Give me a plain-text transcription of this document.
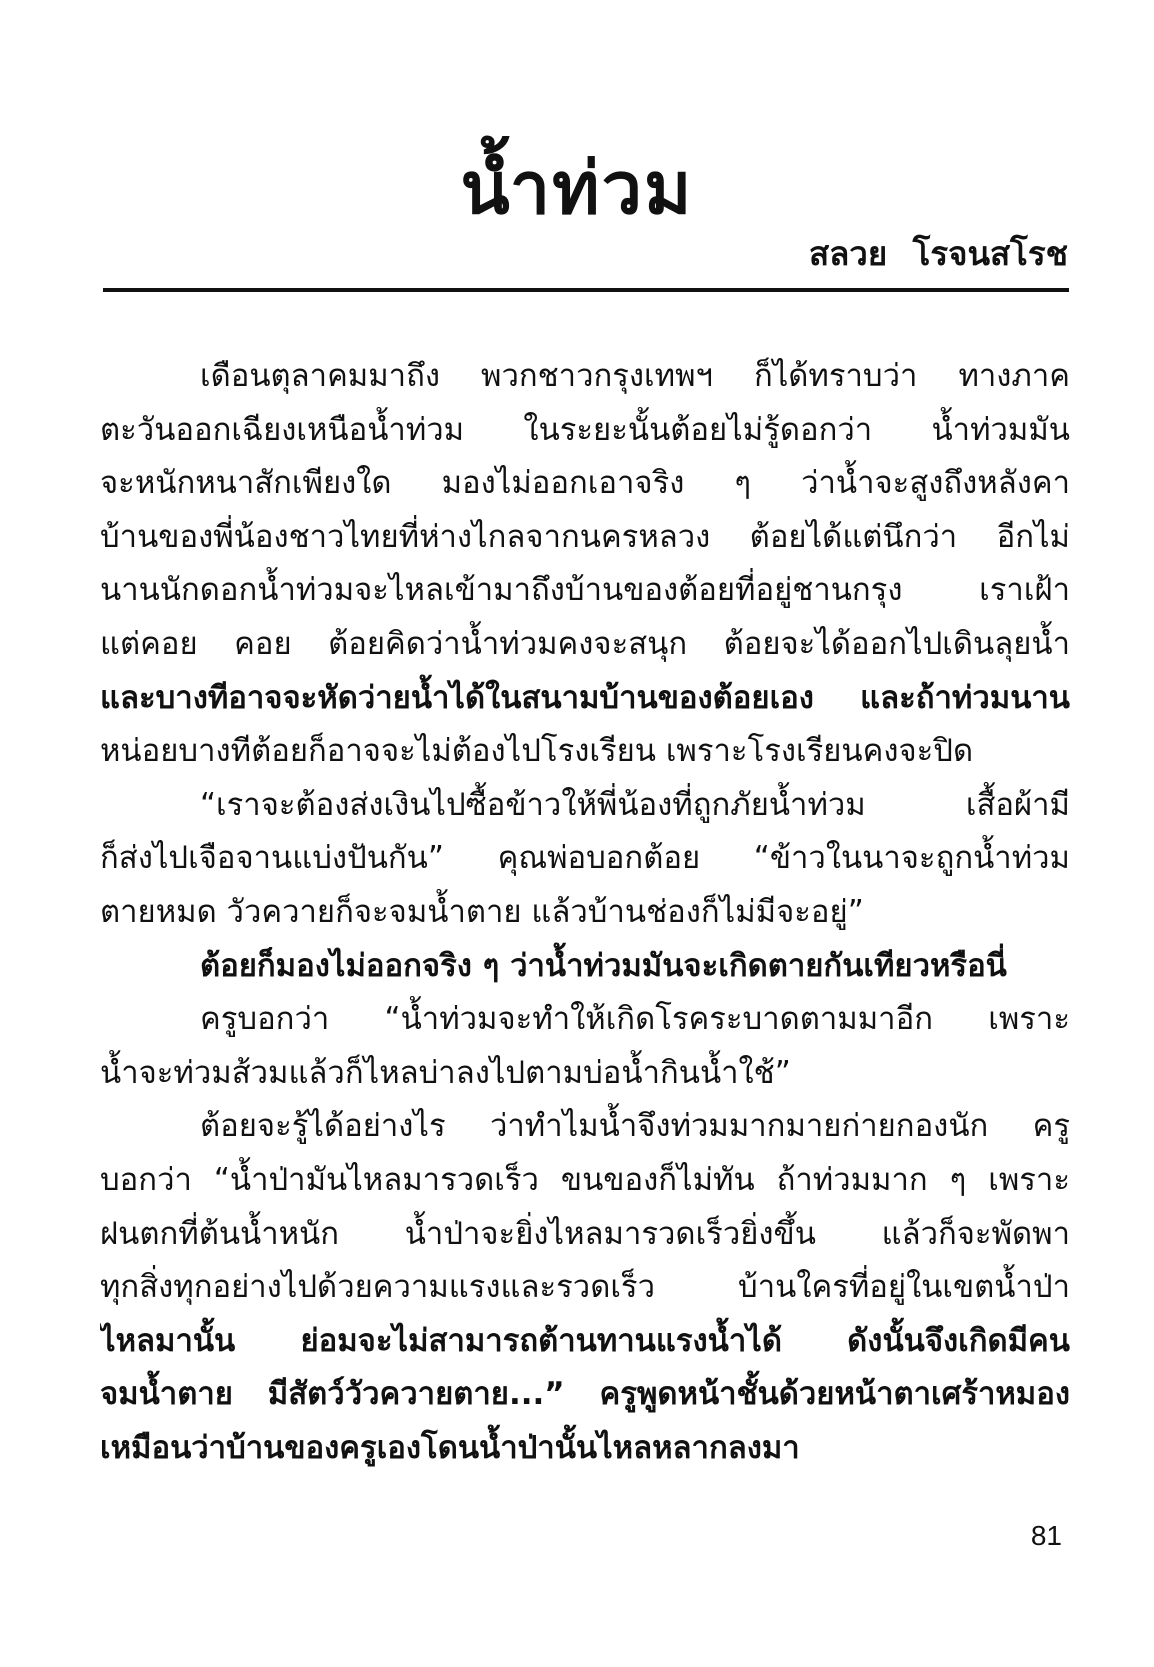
น้ำท่วม
สลวย โรจนสโรช
เดือนตุลาคมมาถึง พวกชาวกรุงเทพฯ ก็ได้ทราบว่า ทางภาค
ตะวันออกเฉียงเหนือน้ำท่วม ในระยะนั้นต้อยไม่รู้ดอกว่า น้ำท่วมมัน
จะหนักหนาสักเพียงใด มองไม่ออกเอาจริง ๆ ว่าน้ำจะสูงถึงหลังคา
บ้านของพี่น้องชาวไทยที่ห่างไกลจากนครหลวง ต้อยได้แต่นึกว่า อีกไม่
นานนักดอกน้ำท่วมจะไหลเข้ามาถึงบ้านของต้อยที่อยู่ชานกรุง เราเฝ้า
แต่คอย คอย ต้อยคิดว่าน้ำท่วมคงจะสนุก ต้อยจะได้ออกไปเดินลุยน้ำ
และบางทีอาจจะหัดว่ายน้ำได้ในสนามบ้านของต้อยเอง และถ้าท่วมนาน
หน่อยบางทีต้อยก็อาจจะไม่ต้องไปโรงเรียน เพราะโรงเรียนคงจะปิด
“เราจะต้องส่งเงินไปซื้อข้าวให้พี่น้องที่ถูกภัยน้ำท่วม เสื้อผ้ามี
ก็ส่งไปเจือจานแบ่งปันกัน” คุณพ่อบอกต้อย “ข้าวในนาจะถูกน้ำท่วม
ตายหมด วัวควายก็จะจมน้ำตาย แล้วบ้านช่องก็ไม่มีจะอยู่”
ต้อยก็มองไม่ออกจริง ๆ ว่าน้ำท่วมมันจะเกิดตายกันเทียวหรือนี่
ครูบอกว่า “น้ำท่วมจะทำให้เกิดโรคระบาดตามมาอีก เพราะ
น้ำจะท่วมส้วมแล้วก็ไหลบ่าลงไปตามบ่อน้ำกินน้ำใช้”
ต้อยจะรู้ได้อย่างไร ว่าทำไมน้ำจึงท่วมมากมายก่ายกองนัก ครู
บอกว่า “น้ำป่ามันไหลมารวดเร็ว ขนของก็ไม่ทัน ถ้าท่วมมาก ๆ เพราะ
ฝนตกที่ต้นน้ำหนัก น้ำป่าจะยิ่งไหลมารวดเร็วยิ่งขึ้น แล้วก็จะพัดพา
ทุกสิ่งทุกอย่างไปด้วยความแรงและรวดเร็ว บ้านใครที่อยู่ในเขตน้ำป่า
ไหลมานั้น ย่อมจะไม่สามารถต้านทานแรงน้ำได้ ดังนั้นจึงเกิดมีคน
จมน้ำตาย มีสัตว์วัวควายตาย...” ครูพูดหน้าชั้นด้วยหน้าตาเศร้าหมอง
เหมือนว่าบ้านของครูเองโดนน้ำป่านั้นไหลหลากลงมา
81
